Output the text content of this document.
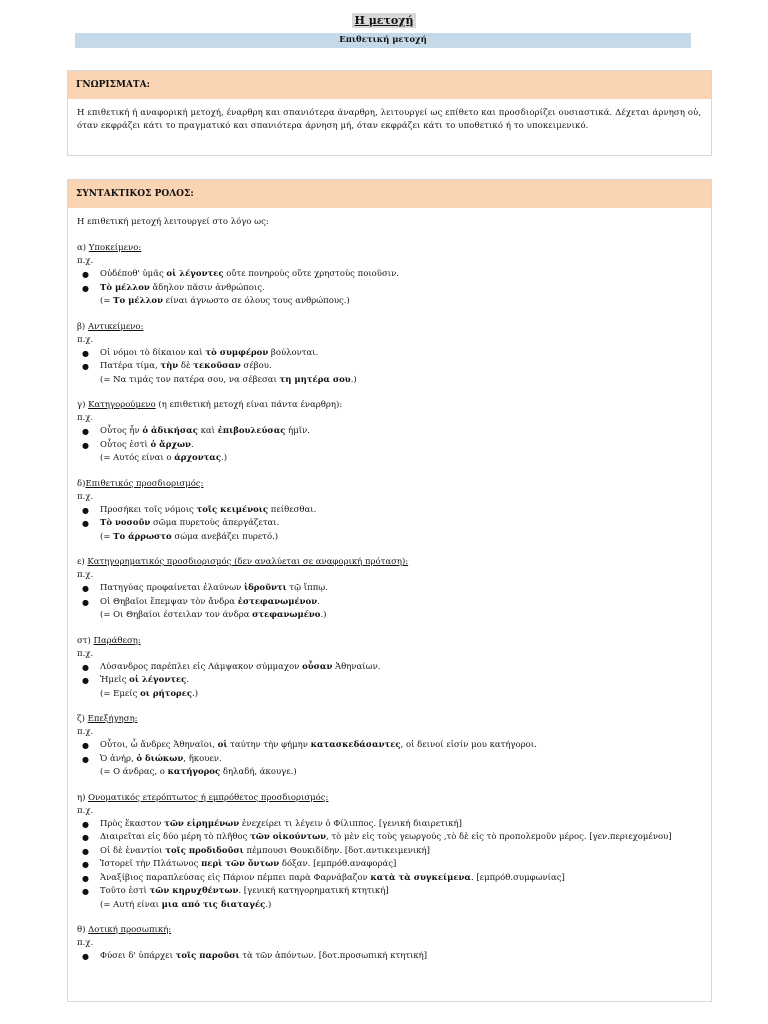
Η μετοχή
Επιθετική μετοχή
ΓΝΩΡΙΣΜΑΤΑ:
Η επιθετική ή αναφορική μετοχή, έναρθρη και σπανιότερα άναρθρη, λειτουργεί ως επίθετο και προσδιορίζει ουσιαστικά. Δέχεται άρνηση οὐ, όταν εκφράζει κάτι το πραγματικό και σπανιότερα άρνηση μή, όταν εκφράζει κάτι το υποθετικό ή το υποκειμενικό.
ΣΥΝΤΑΚΤΙΚΟΣ ΡΟΛΟΣ:
Η επιθετική μετοχή λειτουργεί στο λόγο ως:
α) Υποκείμενο:
π.χ.
● Οὐδέποθ' ὑμᾶς οἱ λέγοντες οὔτε πονηροὺς οὔτε χρηστοὺς ποιοῦσιν.
● Τὸ μέλλον ἄδηλον πᾶσιν ἀνθρώποις.
(= Το μέλλον είναι άγνωστο σε όλους τους ανθρώπους.)
β) Αντικείμενο:
π.χ.
● Οἱ νόμοι τὸ δίκαιον καὶ τὸ συμφέρον βούλονται.
● Πατέρα τίμα, τὴν δὲ τεκοῦσαν σέβου.
(= Να τιμάς τον πατέρα σου, να σέβεσαι τη μητέρα σου.)
γ) Κατηγορούμενο (η επιθετική μετοχή είναι πάντα έναρθρη):
π.χ.
● Οὗτος ἦν ὁ ἀδικήσας καὶ ἐπιβουλεύσας ἡμῖν.
● Οὗτος ἐστὶ ὁ ἄρχων.
(= Αυτός είναι ο άρχοντας.)
δ)Επιθετικός προσδιορισμός:
π.χ.
● Προσήκει τοῖς νόμοις τοῖς κειμένοις πείθεσθαι.
● Τὸ νοσοῦν σῶμα πυρετοὺς ἀπεργάζεται.
(= Το άρρωστο σώμα ανεβάζει πυρετό.)
ε) Κατηγορηματικός προσδιορισμός (δεν αναλύεται σε αναφορική πρόταση):
π.χ.
● Πατηγύας προφαίνεται ἐλαύνων ἱδροῦντι τῷ ἵππῳ.
● Οἱ Θηβαῖοι ἔπεμψαν τὸν ἄνδρα ἐστεφανωμένον.
(= Οι Θηβαίοι έστειλαν τον άνδρα στεφανωμένο.)
στ) Παράθεση:
π.χ.
● Λύσανδρος παρέπλει εἰς Λάμψακον σύμμαχον οὖσαν Ἀθηναίων.
● Ἡμεῖς οἱ λέγοντες.
(= Εμείς οι ρήτορες.)
ζ) Επεξήγηση:
π.χ.
● Οὗτοι, ὦ ἄνδρες Ἀθηναῖοι, οἱ ταύτην τὴν φήμην κατασκεδάσαντες, οἱ δεινοί εἰσίν μου κατήγοροι.
● Ὁ ἀνήρ, ὁ διώκων, ἥκουεν.
(= Ο άνδρας, ο κατήγορος δηλαδή, άκουγε.)
η) Ονοματικός ετερόπτωτος ή εμπρόθετος προσδιορισμός:
π.χ.
● Πρὸς ἕκαστον τῶν εἰρημένων ἐνεχείρει τι λέγειν ὁ Φίλιππος. [γενική διαιρετική]
● Διαιρεῖται εἰς δύο μέρη τὸ πλῆθος τῶν οἰκούντων, τὸ μὲν εἰς τοὺς γεωργούς ,τὸ δὲ εἰς τὸ προπολεμοῦν μέρος. [γεν.περιεχομένου]
● Οἱ δὲ ἐναντίοι τοῖς προδιδοῦσι πέμπουσι Θουκιδίδην. [δοτ.αντικειμενική]
● Ἰστορεῖ τὴν Πλάτωνος περὶ τῶν ὄντων δόξαν. [εμπρόθ.αναφοράς]
● Ἀναξίβιος παραπλεύσας εἰς Πάριον πέμπει παρὰ Φαρνάβαζον κατὰ τὰ συγκείμενα. [εμπρόθ.συμφωνίας]
● Τοῦτο ἐστὶ τῶν κηρυχθέντων. [γενική κατηγορηματική κτητική]
(= Αυτή είναι μια από τις διαταγές.)
θ) Δοτική προσωπική:
π.χ.
● Φύσει δ' ὑπάρχει τοῖς παροῦσι τὰ τῶν ἀπόντων. [δοτ.προσωπική κτητική]
